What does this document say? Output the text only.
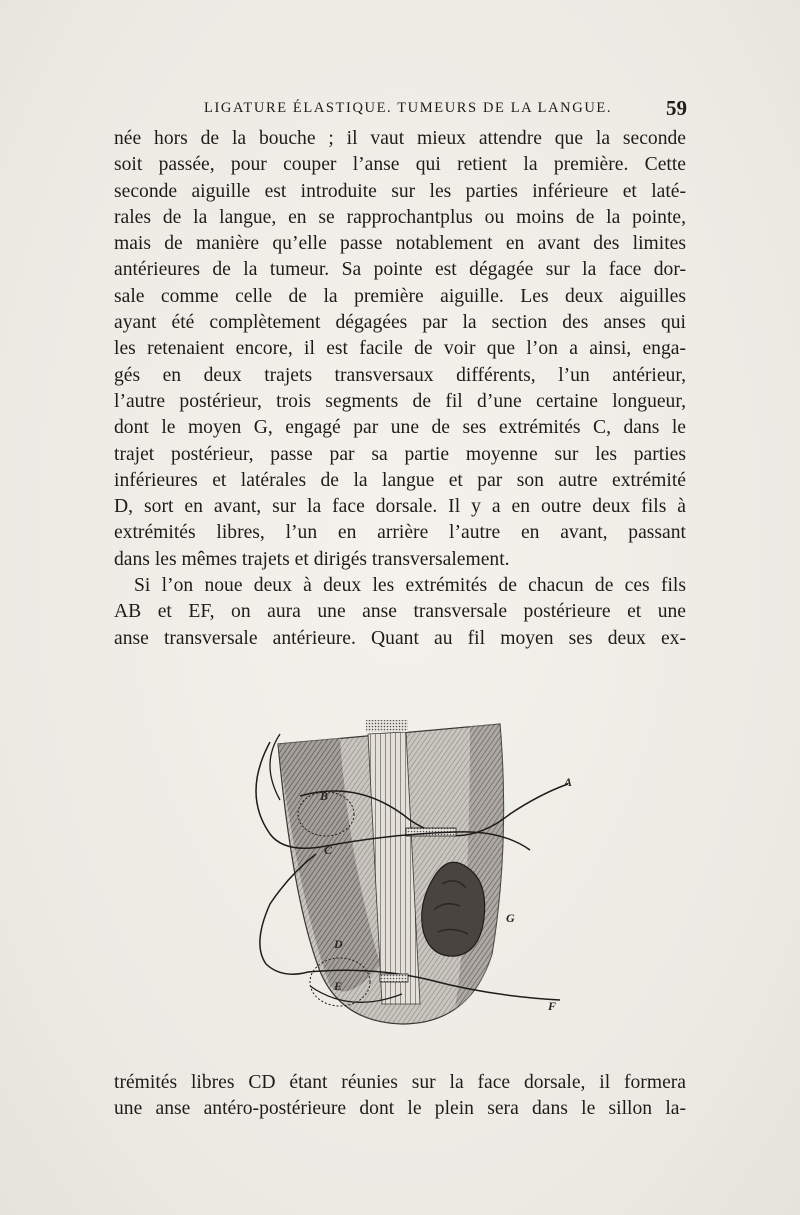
LIGATURE ÉLASTIQUE. TUMEURS DE LA LANGUE.	59
née hors de la bouche ; il vaut mieux attendre que la seconde
soit passée, pour couper l’anse qui retient la première. Cette
seconde aiguille est introduite sur les parties inférieure et laté-
rales de la langue, en se rapprochantplus ou moins de la pointe,
mais de manière qu’elle passe notablement en avant des limites
antérieures de la tumeur. Sa pointe est dégagée sur la face dor-
sale comme celle de la première aiguille. Les deux aiguilles
ayant été complètement dégagées par la section des anses qui
les retenaient encore, il est facile de voir que l’on a ainsi, enga-
gés en deux trajets transversaux différents, l’un antérieur,
l’autre postérieur, trois segments de fil d’une certaine longueur,
dont le moyen G, engagé par une de ses extrémités C, dans le
trajet postérieur, passe par sa partie moyenne sur les parties
inférieures et latérales de la langue et par son autre extrémité
D, sort en avant, sur la face dorsale. Il y a en outre deux fils à
extrémités libres, l’un en arrière l’autre en avant, passant
dans les mêmes trajets et dirigés transversalement.
Si l’on noue deux à deux les extrémités de chacun de ces fils
AB et EF, on aura une anse transversale postérieure et une
anse transversale antérieure. Quant au fil moyen ses deux ex-
B
C
A
D
E
F
G
trémités libres CD étant réunies sur la face dorsale, il formera
une anse antéro-postérieure dont le plein sera dans le sillon la-
